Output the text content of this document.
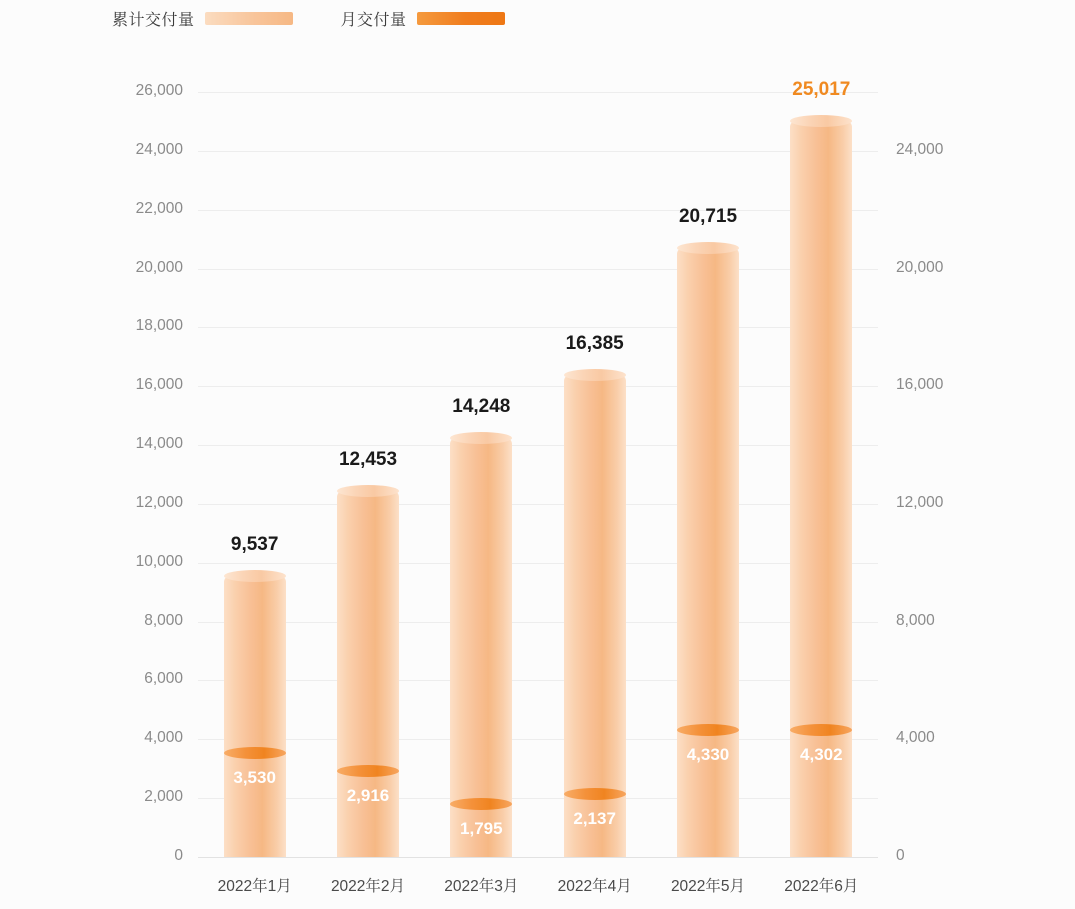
累计交付量	月交付量
0
2,000
4,000
6,000
8,000
10,000
12,000
14,000
16,000
18,000
20,000
22,000
24,000
26,000
0
4,000
8,000
12,000
16,000
20,000
24,000
9,537
3,530
2022年1月
12,453
2,916
2022年2月
14,248
1,795
2022年3月
16,385
2,137
2022年4月
20,715
4,330
2022年5月
25,017
4,302
2022年6月
